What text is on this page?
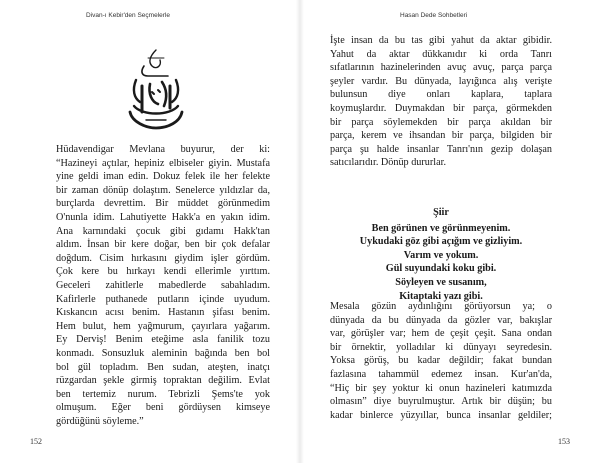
Divan-ı Kebir'den Seçmelerle
الله يا حضرت مولانا
Hüdavendigar Mevlana buyurur, der ki:
“Hazineyi açtılar, hepiniz elbiseler giyin. Mustafa
yine geldi iman edin. Dokuz felek ile her felekte
bir zaman dönüp dolaştım. Senelerce yıldızlar da,
burçlarda devrettim. Bir müddet görünmedim
O'nunla idim. Lahutiyette Hakk'a en yakın idim.
Ana karnındaki çocuk gibi gıdamı Hakk'tan
aldım. İnsan bir kere doğar, ben bir çok defalar
doğdum. Cisim hırkasını giydim işler gördüm.
Çok kere bu hırkayı kendi ellerimle yırttım.
Geceleri zahitlerle mabedlerde sabahladım.
Kafirlerle puthanede putların içinde uyudum.
Kıskancın acısı benim. Hastanın şifası benim.
Hem bulut, hem yağmurum, çayırlara yağarım.
Ey Derviş! Benim eteğime asla fanilik tozu
konmadı. Sonsuzluk aleminin bağında ben bol
bol gül topladım. Ben sudan, ateşten, inatçı
rüzgardan şekle girmiş topraktan değilim. Evlat
ben tertemiz nurum. Tebrizli Şems'te yok
olmuşum. Eğer beni gördüysen kimseye
gördüğünü söyleme.”
152
Hasan Dede Sohbetleri
İşte insan da bu tas gibi yahut da aktar gibidir.
Yahut da aktar dükkanıdır ki orda Tanrı
sıfatlarının hazinelerinden avuç avuç, parça parça
şeyler vardır. Bu dünyada, layığınca alış verişte
bulunsun diye onları kaplara, taplara
koymuşlardır. Duymakdan bir parça, görmekden
bir parça söylemekden bir parça akıldan bir
parça, kerem ve ihsandan bir parça, bilgiden bir
parça şu halde insanlar Tanrı'nın gezip dolaşan
satıcılarıdır. Dönüp dururlar.
Şiir
Ben görünen ve görünmeyenim.
Uykudaki göz gibi açığım ve gizliyim.
Varım ve yokum.
Gül suyundaki koku gibi.
Söyleyen ve susanım,
Kitaptaki yazı gibi.
Mesala gözün aydınlığını görüyorsun ya; o
dünyada da bu dünyada da gözler var, bakışlar
var, görüşler var; hem de çeşit çeşit. Sana ondan
bir örnektir, yolladılar ki dünyayı seyredesin.
Yoksa görüş, bu kadar değildir; fakat bundan
fazlasına tahammül edemez insan. Kur'an'da,
“Hiç bir şey yoktur ki onun hazineleri katımızda
olmasın” diye buyrulmuştur. Artık bir düşün; bu
kadar binlerce yüzyıllar, bunca insanlar geldiler;
153
